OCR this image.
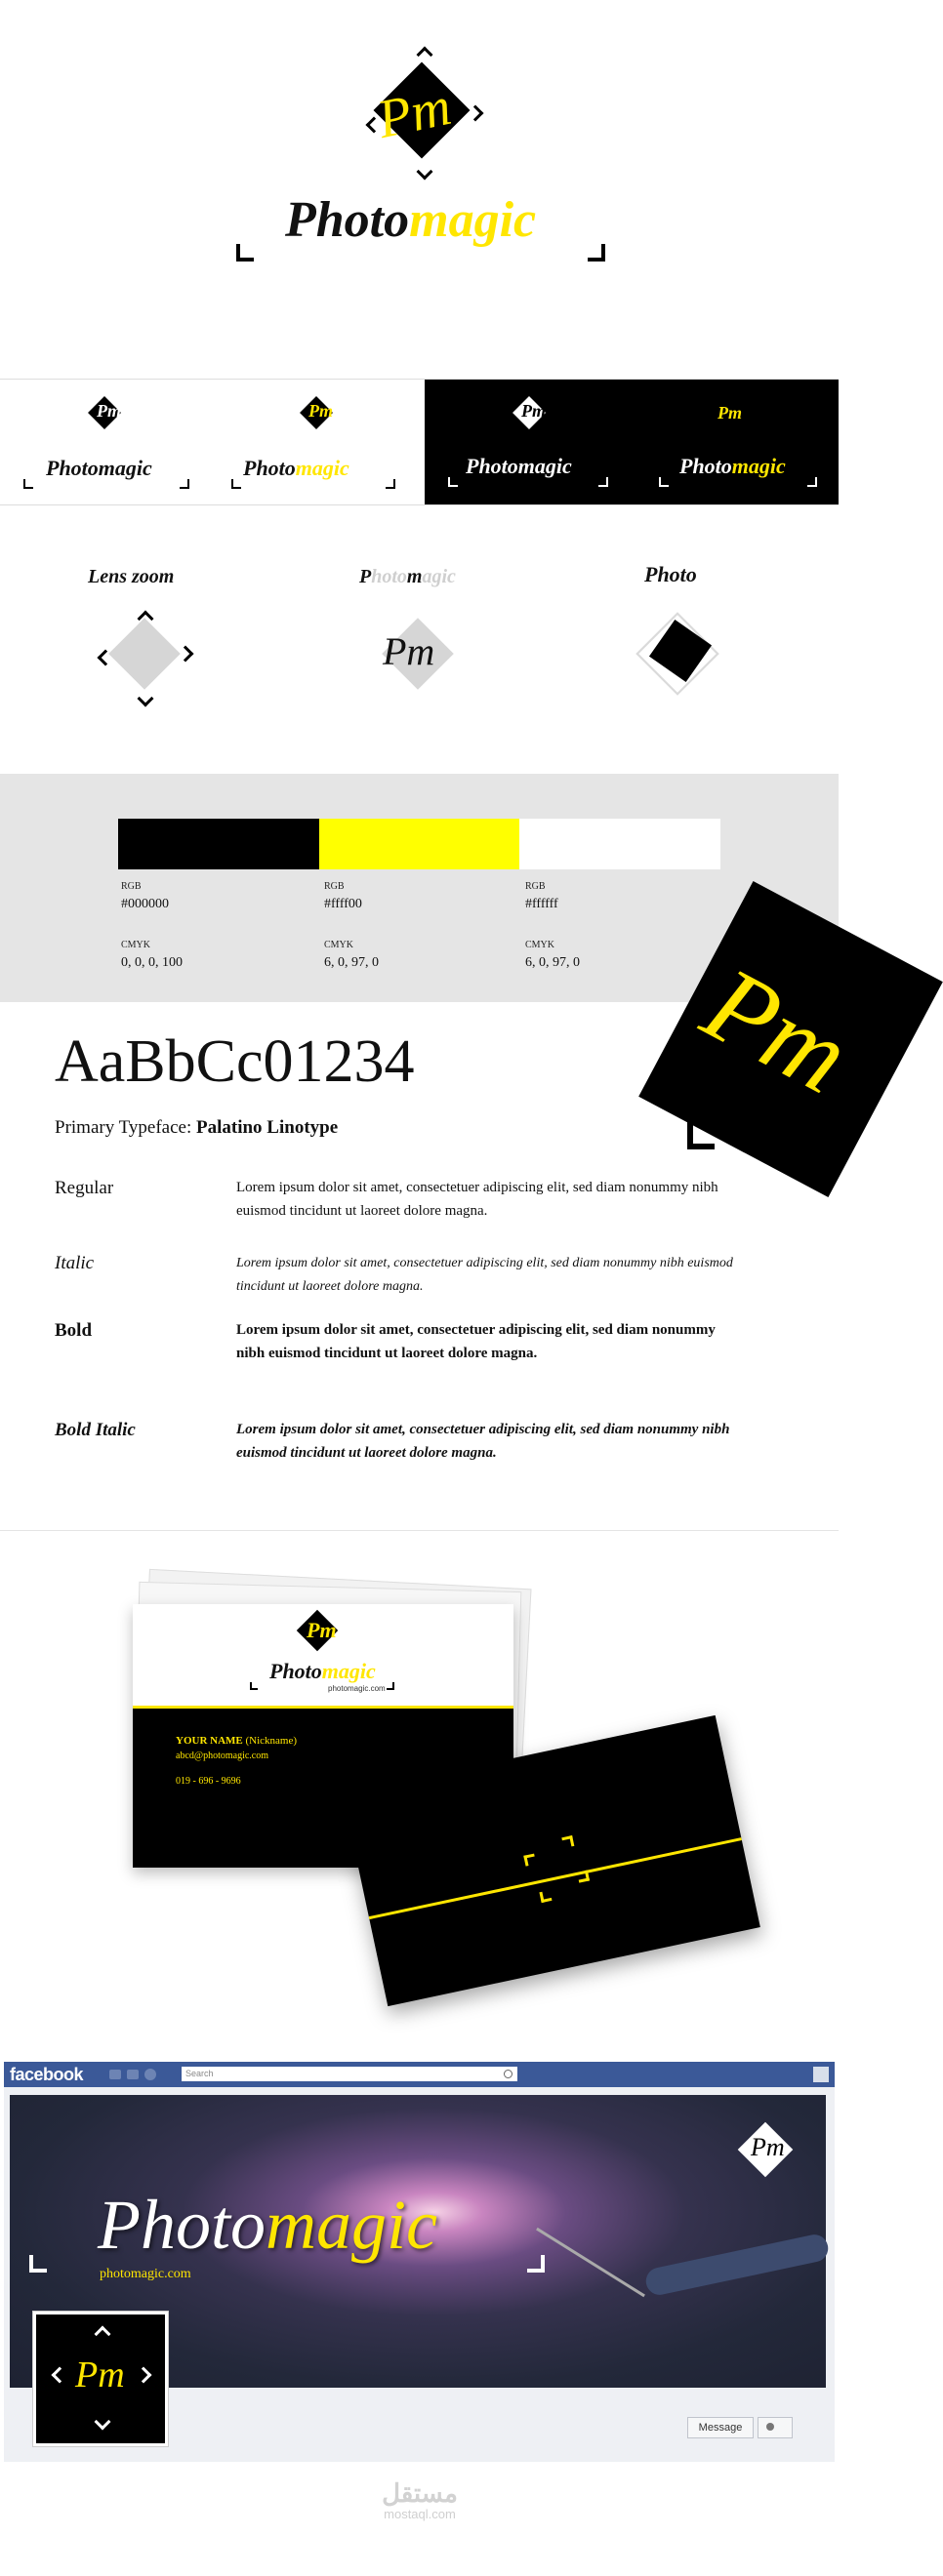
Pm
Photomagic
Pm
Photomagic
Pm
Photomagic
Pm
Photomagic
Pm
Photomagic
Lens zoom	Photomagic
Pm
Photo
RGB
#000000
CMYK
0, 0, 0, 100
RGB
#ffff00
CMYK
6, 0, 97, 0
RGB
#ffffff
CMYK
6, 0, 97, 0 Pm
AaBbCc01234
Primary Typeface: Palatino Linotype
Regular	Lorem ipsum dolor sit amet, consectetuer adipiscing elit, sed diam nonummy nibh euismod tincidunt ut laoreet dolore magna.
Italic	Lorem ipsum dolor sit amet, consectetuer adipiscing elit, sed diam nonummy nibh euismod tincidunt ut laoreet dolore magna.
Bold	Lorem ipsum dolor sit amet, consectetuer adipiscing elit, sed diam nonummy nibh euismod tincidunt ut laoreet dolore magna.
Bold Italic	Lorem ipsum dolor sit amet, consectetuer adipiscing elit, sed diam nonummy nibh euismod tincidunt ut laoreet dolore magna.
Pm
Photomagic
photomagic.com
YOUR NAME (Nickname)
abcd@photomagic.com
019 - 696 - 9696
facebook	Search
Photomagic
photomagic.com
Pm
Pm
Message
مستقل
mostaql.com
